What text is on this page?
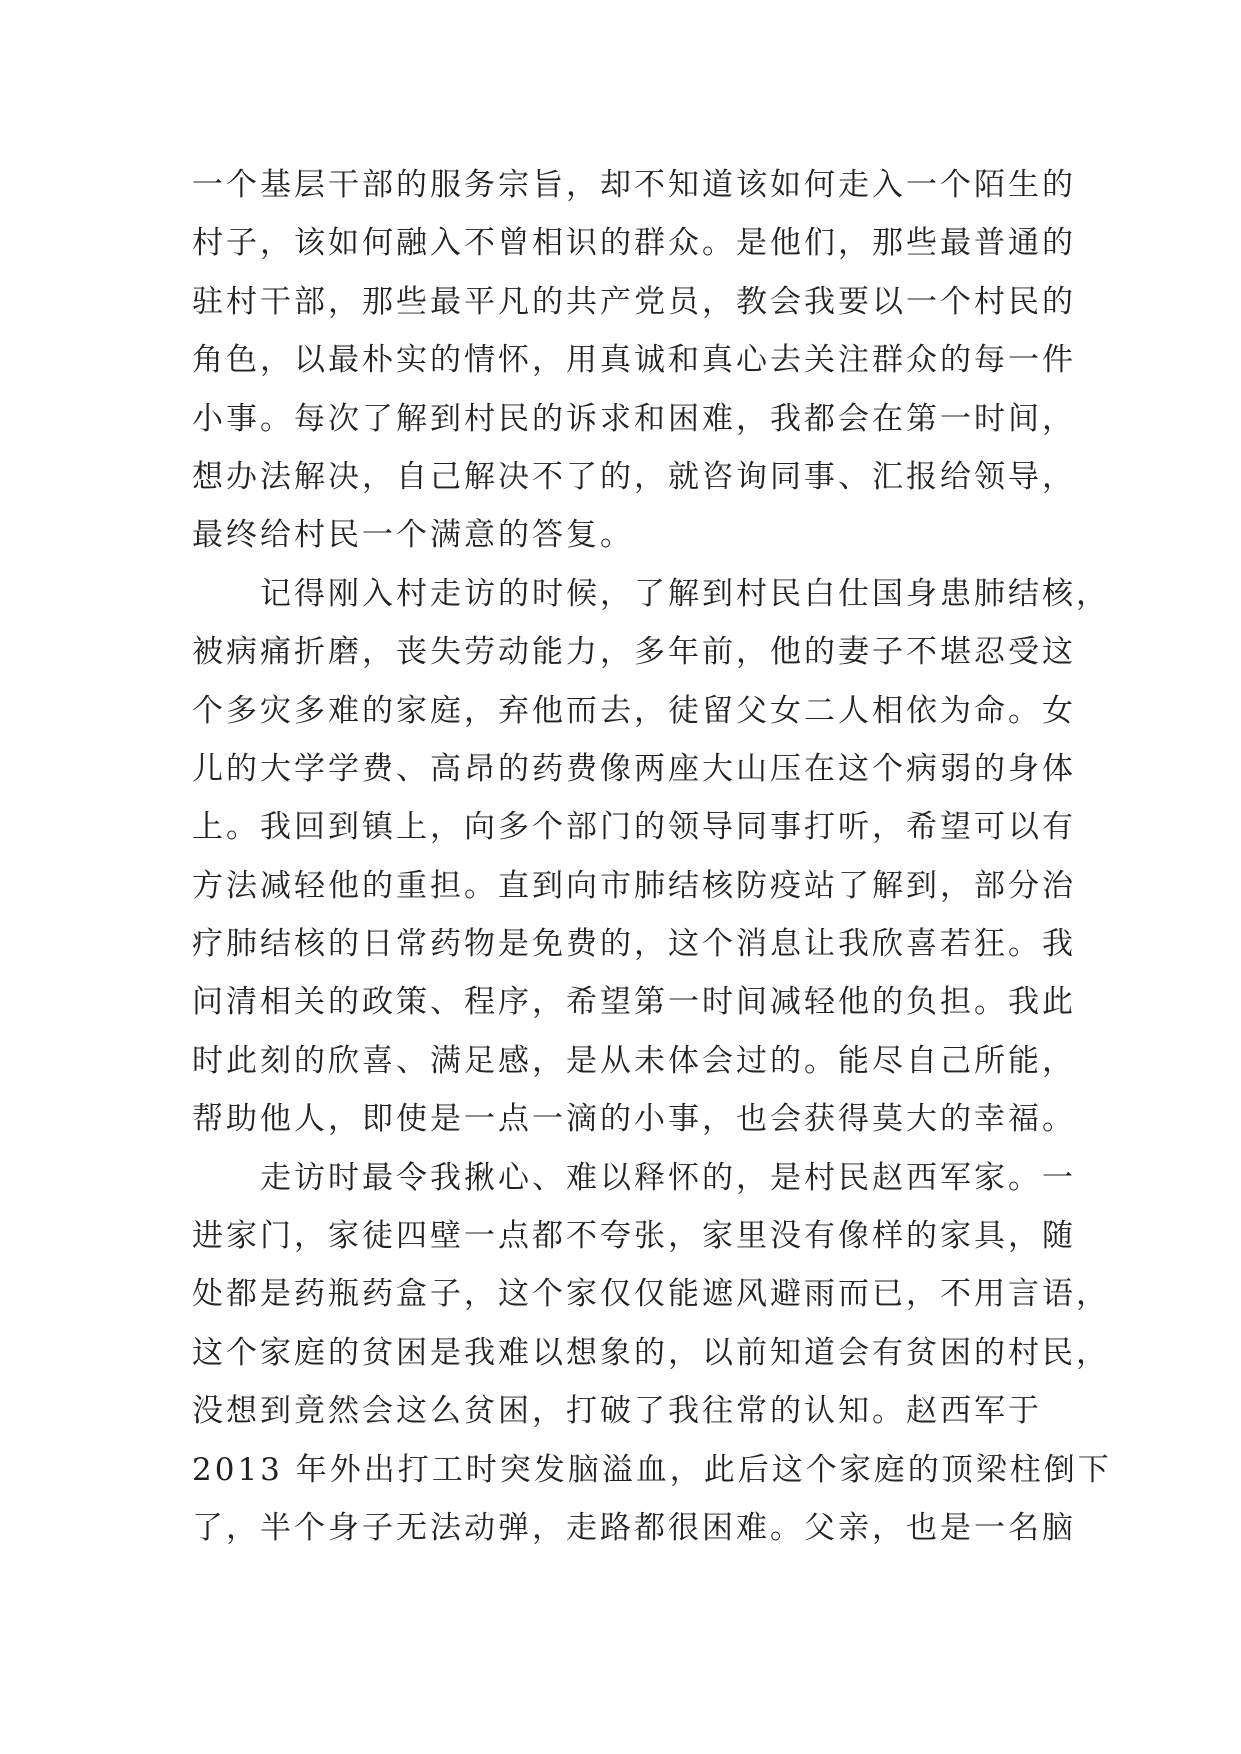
一个基层干部的服务宗旨，却不知道该如何走入一个陌生的
村子，该如何融入不曾相识的群众。是他们，那些最普通的
驻村干部，那些最平凡的共产党员，教会我要以一个村民的
角色，以最朴实的情怀，用真诚和真心去关注群众的每一件
小事。每次了解到村民的诉求和困难，我都会在第一时间，
想办法解决，自己解决不了的，就咨询同事、汇报给领导，
最终给村民一个满意的答复。
记得刚入村走访的时候，了解到村民白仕国身患肺结核，
被病痛折磨，丧失劳动能力，多年前，他的妻子不堪忍受这
个多灾多难的家庭，弃他而去，徒留父女二人相依为命。女
儿的大学学费、高昂的药费像两座大山压在这个病弱的身体
上。我回到镇上，向多个部门的领导同事打听，希望可以有
方法减轻他的重担。直到向市肺结核防疫站了解到，部分治
疗肺结核的日常药物是免费的，这个消息让我欣喜若狂。我
问清相关的政策、程序，希望第一时间减轻他的负担。我此
时此刻的欣喜、满足感，是从未体会过的。能尽自己所能，
帮助他人，即使是一点一滴的小事，也会获得莫大的幸福。
走访时最令我揪心、难以释怀的，是村民赵西军家。一
进家门，家徒四壁一点都不夸张，家里没有像样的家具，随
处都是药瓶药盒子，这个家仅仅能遮风避雨而已，不用言语，
这个家庭的贫困是我难以想象的，以前知道会有贫困的村民，
没想到竟然会这么贫困，打破了我往常的认知。赵西军于
2013 年外出打工时突发脑溢血，此后这个家庭的顶梁柱倒下
了，半个身子无法动弹，走路都很困难。父亲，也是一名脑
